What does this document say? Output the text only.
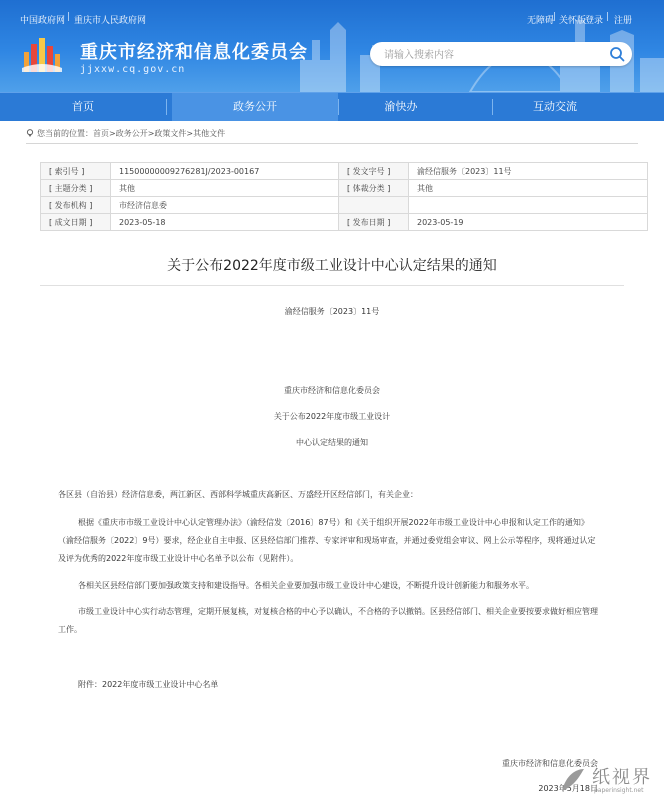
中国政府网 | 重庆市人民政府网	无障碍
| 关怀版
登录 | 注册
重庆市经济和信息化委员会
jjxxw.cq.gov.cn
请输入搜索内容
首页	政务公开	渝快办	互动交流
您当前的位置：首页>政务公开>政策文件>其他文件
[ 索引号 ]	11500000009276281J/2023-00167	[ 发文字号 ]	渝经信服务〔2023〕11号
[ 主题分类 ]	其他	[ 体裁分类 ]	其他
[ 发布机构 ]	市经济信息委		
[ 成文日期 ]	2023-05-18	[ 发布日期 ]	2023-05-19
关于公布2022年度市级工业设计中心认定结果的通知
渝经信服务〔2023〕11号
重庆市经济和信息化委员会
关于公布2022年度市级工业设计
中心认定结果的通知

各区县（自治县）经济信息委，两江新区、西部科学城重庆高新区、万盛经开区经信部门，有关企业：

根据《重庆市市级工业设计中心认定管理办法》（渝经信发〔2016〕87号）和《关于组织开展2022年市级工业设计中心申报和认定工作的通知》（渝经信服务〔2022〕9号）要求，经企业自主申报、区县经信部门推荐、专家评审和现场审查，并通过委党组会审议、网上公示等程序，现将通过认定及评为优秀的2022年度市级工业设计中心名单予以公布（见附件）。

各相关区县经信部门要加强政策支持和建设指导。各相关企业要加强市级工业设计中心建设，不断提升设计创新能力和服务水平。

市级工业设计中心实行动态管理，定期开展复核，对复核合格的中心予以确认，不合格的予以撤销。区县经信部门、相关企业要按要求做好相应管理工作。

附件：2022年度市级工业设计中心名单

重庆市经济和信息化委员会
2023年5月18日
纸视界
paperinsight.net
